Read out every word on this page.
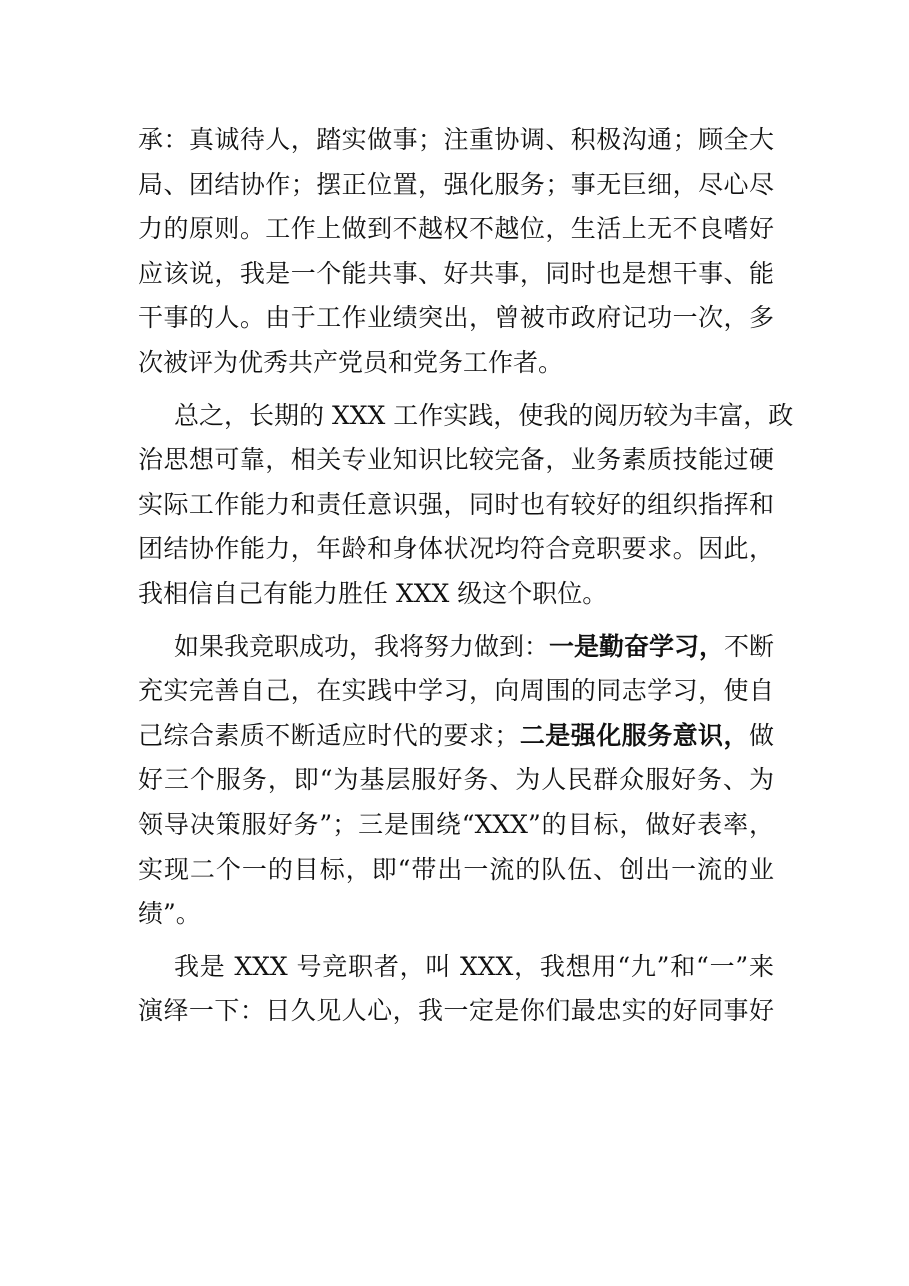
承：真诚待人，踏实做事；注重协调、积极沟通；顾全大
局、团结协作；摆正位置，强化服务；事无巨细，尽心尽
力的原则。工作上做到不越权不越位，生活上无不良嗜好
应该说，我是一个能共事、好共事，同时也是想干事、能
干事的人。由于工作业绩突出，曾被市政府记功一次，多
次被评为优秀共产党员和党务工作者。
总之，长期的 XXX 工作实践，使我的阅历较为丰富，政
治思想可靠，相关专业知识比较完备，业务素质技能过硬
实际工作能力和责任意识强，同时也有较好的组织指挥和
团结协作能力，年龄和身体状况均符合竞职要求。因此，
我相信自己有能力胜任 XXX 级这个职位。
如果我竞职成功，我将努力做到：一是勤奋学习，不断
充实完善自己，在实践中学习，向周围的同志学习，使自
己综合素质不断适应时代的要求；二是强化服务意识，做
好三个服务，即“为基层服好务、为人民群众服好务、为
领导决策服好务”；三是围绕“XXX”的目标，做好表率，
实现二个一的目标，即“带出一流的队伍、创出一流的业
绩”。
我是 XXX 号竞职者，叫 XXX，我想用“九”和“一”来
演绎一下：日久见人心，我一定是你们最忠实的好同事好
